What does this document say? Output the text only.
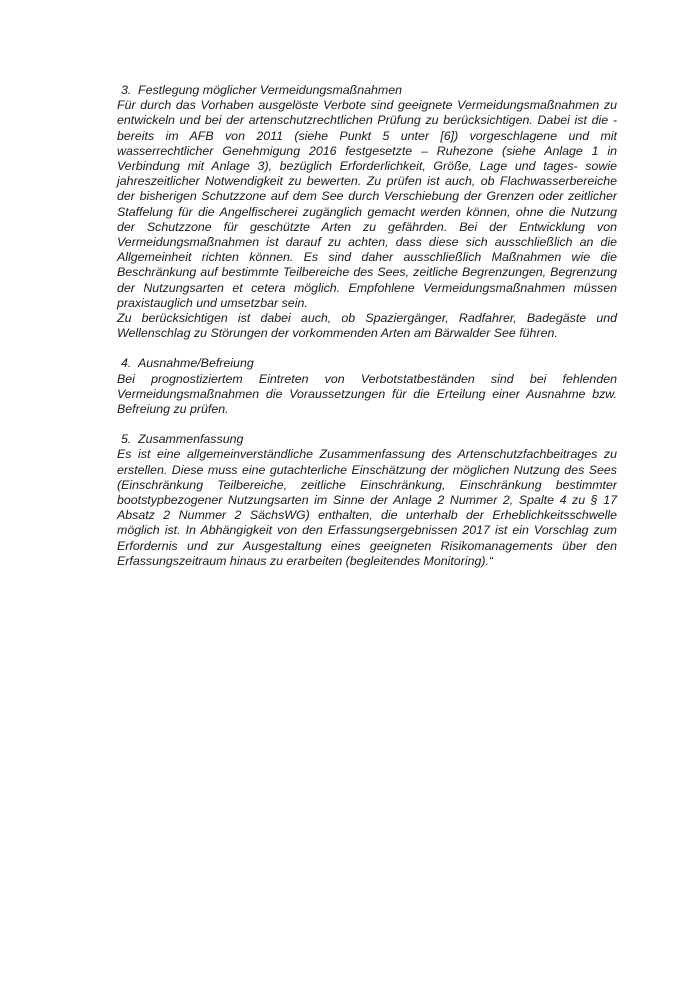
3. Festlegung möglicher Vermeidungsmaßnahmen

Für durch das Vorhaben ausgelöste Verbote sind geeignete Vermeidungsmaßnahmen zu entwickeln und bei der artenschutzrechtlichen Prüfung zu berücksichtigen. Dabei ist die - bereits im AFB von 2011 (siehe Punkt 5 unter [6]) vorgeschlagene und mit wasserrechtlicher Genehmigung 2016 festgesetzte – Ruhezone (siehe Anlage 1 in Verbindung mit Anlage 3), bezüglich Erforderlichkeit, Größe, Lage und tages- sowie jahreszeitlicher Notwendigkeit zu bewerten. Zu prüfen ist auch, ob Flachwasserbereiche der bisherigen Schutzzone auf dem See durch Verschiebung der Grenzen oder zeitlicher Staffelung für die Angelfischerei zugänglich gemacht werden können, ohne die Nutzung der Schutzzone für geschützte Arten zu gefährden. Bei der Entwicklung von Vermeidungsmaßnahmen ist darauf zu achten, dass diese sich ausschließlich an die Allgemeinheit richten können. Es sind daher ausschließlich Maßnahmen wie die Beschränkung auf bestimmte Teilbereiche des Sees, zeitliche Begrenzungen, Begrenzung der Nutzungsarten et cetera möglich. Empfohlene Vermeidungsmaßnahmen müssen praxistauglich und umsetzbar sein.

Zu berücksichtigen ist dabei auch, ob Spaziergänger, Radfahrer, Badegäste und Wellenschlag zu Störungen der vorkommenden Arten am Bärwalder See führen.

4. Ausnahme/Befreiung

Bei prognostiziertem Eintreten von Verbotstatbeständen sind bei fehlenden Vermeidungsmaßnahmen die Voraussetzungen für die Erteilung einer Ausnahme bzw. Befreiung zu prüfen.

5. Zusammenfassung

Es ist eine allgemeinverständliche Zusammenfassung des Artenschutzfachbeitrages zu erstellen. Diese muss eine gutachterliche Einschätzung der möglichen Nutzung des Sees (Einschränkung Teilbereiche, zeitliche Einschränkung, Einschränkung bestimmter bootstypbezogener Nutzungsarten im Sinne der Anlage 2 Nummer 2, Spalte 4 zu § 17 Absatz 2 Nummer 2 SächsWG) enthalten, die unterhalb der Erheblichkeitsschwelle möglich ist. In Abhängigkeit von den Erfassungsergebnissen 2017 ist ein Vorschlag zum Erfordernis und zur Ausgestaltung eines geeigneten Risikomanagements über den Erfassungszeitraum hinaus zu erarbeiten (begleitendes Monitoring).“
